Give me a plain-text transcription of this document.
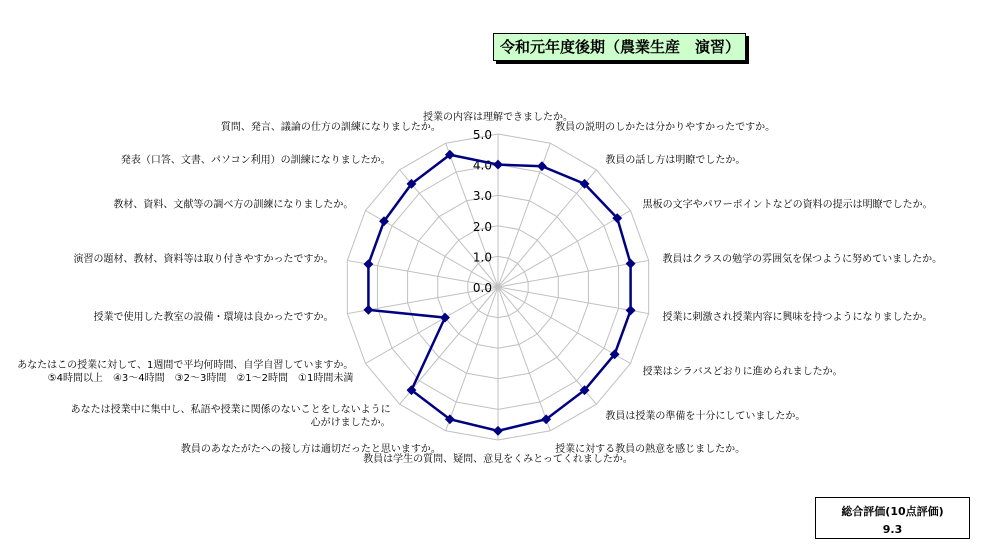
令和元年度後期（農業生産　演習）
0.0
1.0
2.0
3.0
4.0
5.0
授業の内容は理解できましたか。
教員の説明のしかたは分かりやすかったですか。
教員の話し方は明瞭でしたか。
黒板の文字やパワーポイントなどの資料の提示は明瞭でしたか。
教員はクラスの勉学の雰囲気を保つように努めていましたか。
授業に刺激され授業内容に興味を持つようになりましたか。
授業はシラバスどおりに進められましたか。
教員は授業の準備を十分にしていましたか。
授業に対する教員の熱意を感じましたか。
教員は学生の質問、疑問、意見をくみとってくれましたか。
教員のあなたがたへの接し方は適切だったと思いますか。
あなたは授業中に集中し、私語や授業に関係のないことをしないように心がけましたか。
あなたはこの授業に対して、1週間で平均何時間、自学自習していますか。 ⑤4時間以上　④3〜4時間　③2〜3時間　②1〜2時間　①1時間未満
授業で使用した教室の設備・環境は良かったですか。
演習の題材、教材、資料等は取り付きやすかったですか。
教材、資料、文献等の調べ方の訓練になりましたか。
発表（口答、文書、パソコン利用）の訓練になりましたか。
質問、発言、議論の仕方の訓練になりましたか。
総合評価(10点評価)
9.3
